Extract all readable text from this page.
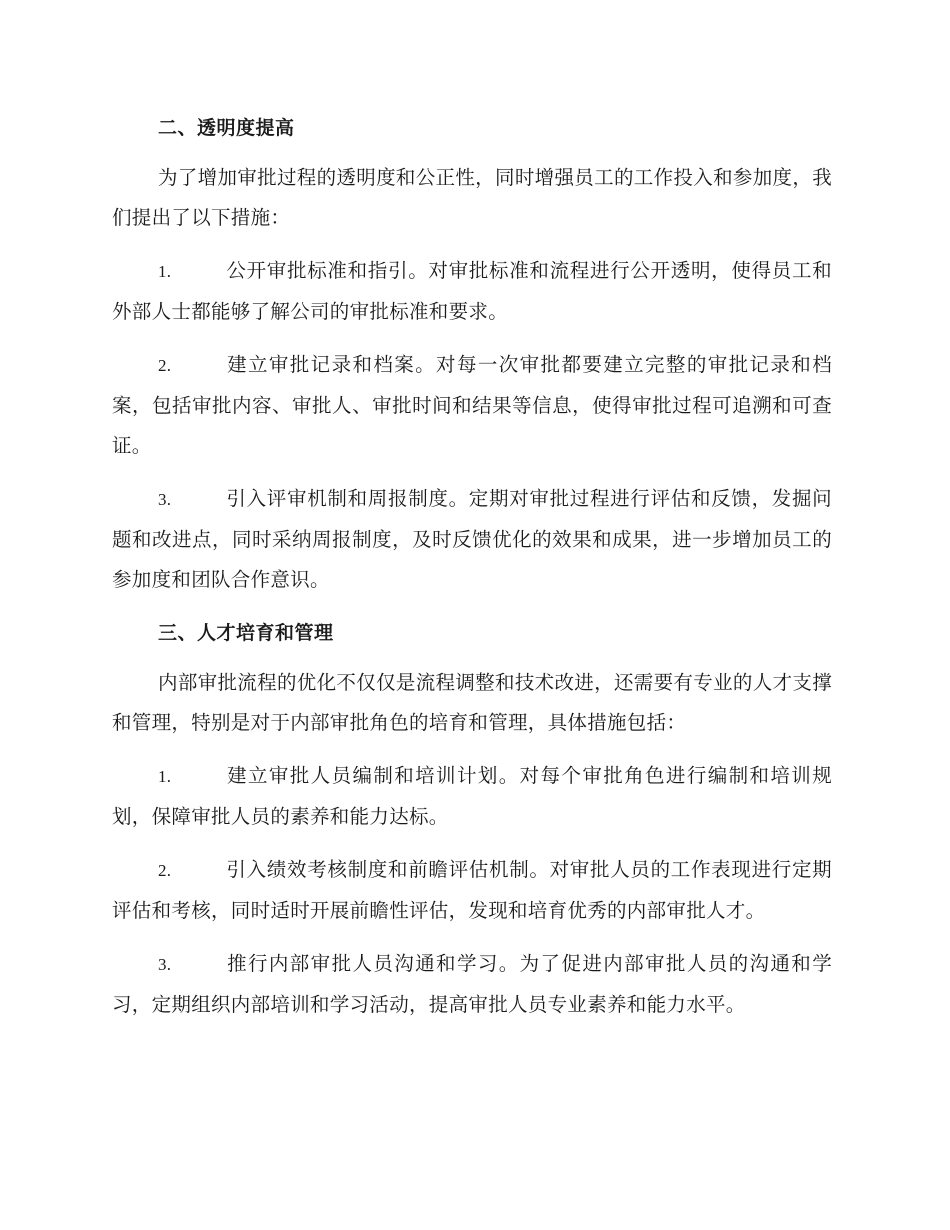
二、透明度提高

为了增加审批过程的透明度和公正性，同时增强员工的工作投入和参加度，我们提出了以下措施：

1.	公开审批标准和指引。对审批标准和流程进行公开透明，使得员工和外部人士都能够了解公司的审批标准和要求。

2.	建立审批记录和档案。对每一次审批都要建立完整的审批记录和档案，包括审批内容、审批人、审批时间和结果等信息，使得审批过程可追溯和可查证。

3.	引入评审机制和周报制度。定期对审批过程进行评估和反馈，发掘问题和改进点，同时采纳周报制度，及时反馈优化的效果和成果，进一步增加员工的参加度和团队合作意识。

三、人才培育和管理

内部审批流程的优化不仅仅是流程调整和技术改进，还需要有专业的人才支撑和管理，特别是对于内部审批角色的培育和管理，具体措施包括：

1.	建立审批人员编制和培训计划。对每个审批角色进行编制和培训规划，保障审批人员的素养和能力达标。

2.	引入绩效考核制度和前瞻评估机制。对审批人员的工作表现进行定期评估和考核，同时适时开展前瞻性评估，发现和培育优秀的内部审批人才。

3.	推行内部审批人员沟通和学习。为了促进内部审批人员的沟通和学习，定期组织内部培训和学习活动，提高审批人员专业素养和能力水平。
